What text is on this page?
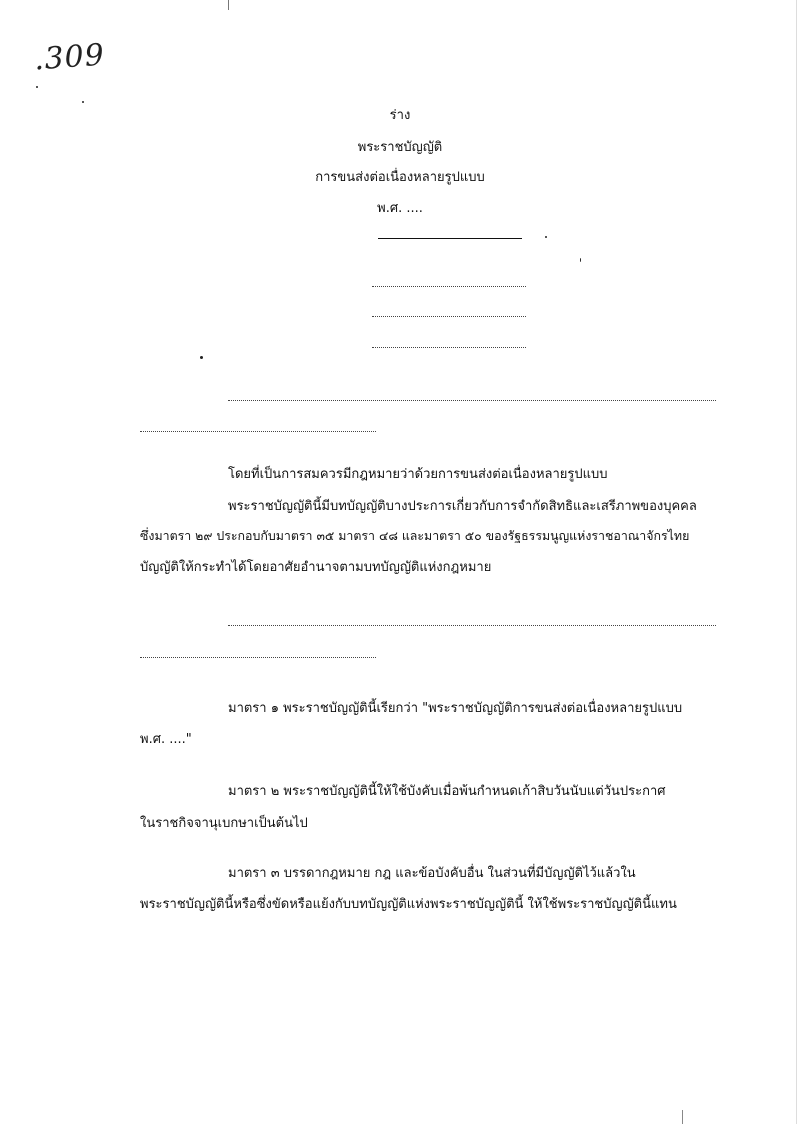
.309
ร่าง
พระราชบัญญัติ
การขนส่งต่อเนื่องหลายรูปแบบ
พ.ศ. ....
โดยที่เป็นการสมควรมีกฎหมายว่าด้วยการขนส่งต่อเนื่องหลายรูปแบบ
พระราชบัญญัตินี้มีบทบัญญัติบางประการเกี่ยวกับการจำกัดสิทธิและเสรีภาพของบุคคล
ซึ่งมาตรา ๒๙ ประกอบกับมาตรา ๓๕ มาตรา ๔๘ และมาตรา ๕๐ ของรัฐธรรมนูญแห่งราชอาณาจักรไทย
บัญญัติให้กระทำได้โดยอาศัยอำนาจตามบทบัญญัติแห่งกฎหมาย
มาตรา ๑ พระราชบัญญัตินี้เรียกว่า "พระราชบัญญัติการขนส่งต่อเนื่องหลายรูปแบบ
พ.ศ. ...."
มาตรา ๒ พระราชบัญญัตินี้ให้ใช้บังคับเมื่อพ้นกำหนดเก้าสิบวันนับแต่วันประกาศ
ในราชกิจจานุเบกษาเป็นต้นไป
มาตรา ๓ บรรดากฎหมาย กฎ และข้อบังคับอื่น ในส่วนที่มีบัญญัติไว้แล้วใน
พระราชบัญญัตินี้หรือซึ่งขัดหรือแย้งกับบทบัญญัติแห่งพระราชบัญญัตินี้ ให้ใช้พระราชบัญญัตินี้แทน
